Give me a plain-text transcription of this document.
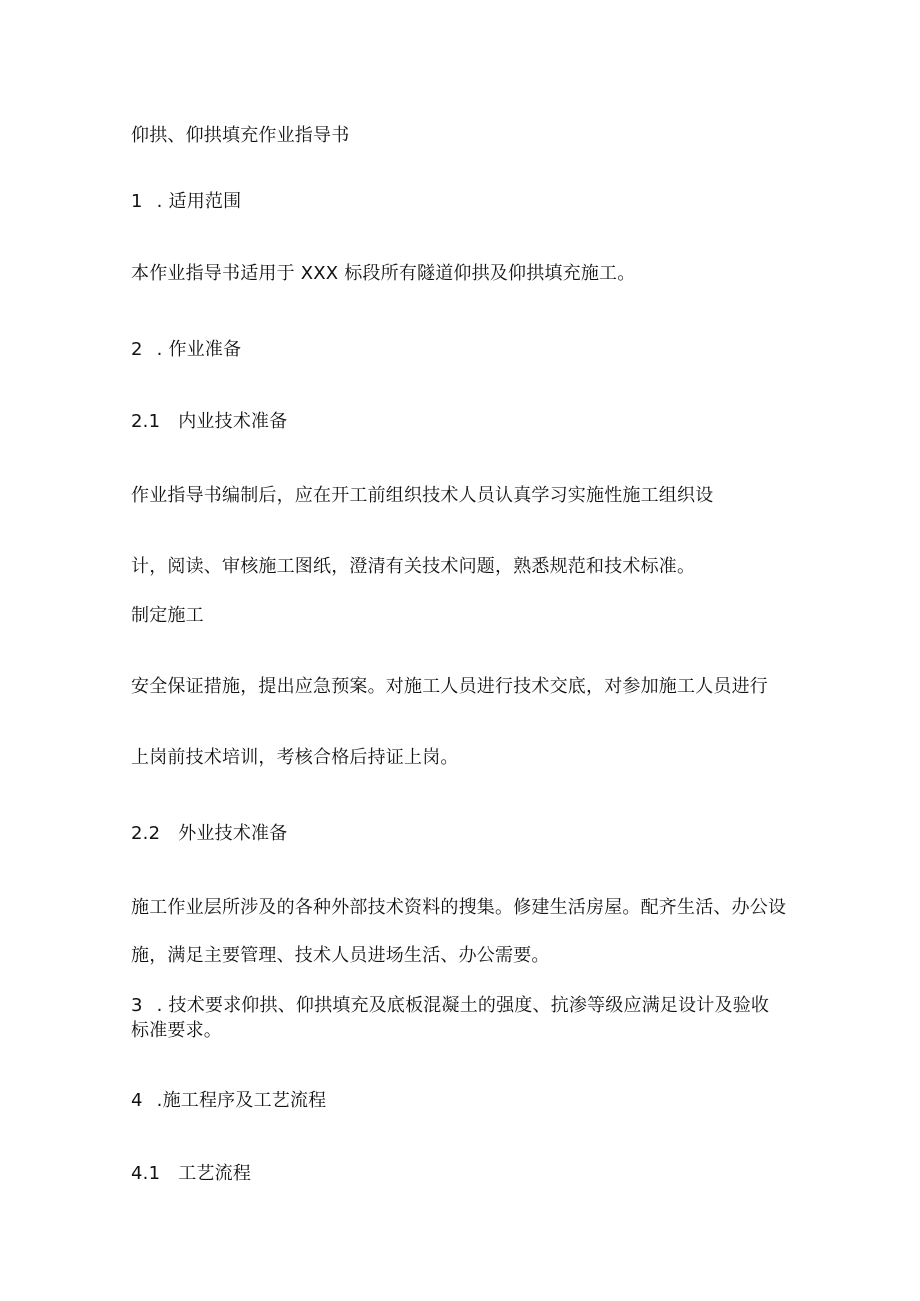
仰拱、仰拱填充作业指导书
1 . 适用范围
本作业指导书适用于 XXX 标段所有隧道仰拱及仰拱填充施工。
2 . 作业准备
2.1 内业技术准备
作业指导书编制后，应在开工前组织技术人员认真学习实施性施工组织设
计，阅读、审核施工图纸，澄清有关技术问题，熟悉规范和技术标准。
制定施工
安全保证措施，提出应急预案。对施工人员进行技术交底，对参加施工人员进行
上岗前技术培训，考核合格后持证上岗。
2.2 外业技术准备
施工作业层所涉及的各种外部技术资料的搜集。修建生活房屋。配齐生活、办公设
施，满足主要管理、技术人员进场生活、办公需要。
3 . 技术要求仰拱、仰拱填充及底板混凝土的强度、抗渗等级应满足设计及验收
标准要求。
4 .施工程序及工艺流程
4.1 工艺流程
